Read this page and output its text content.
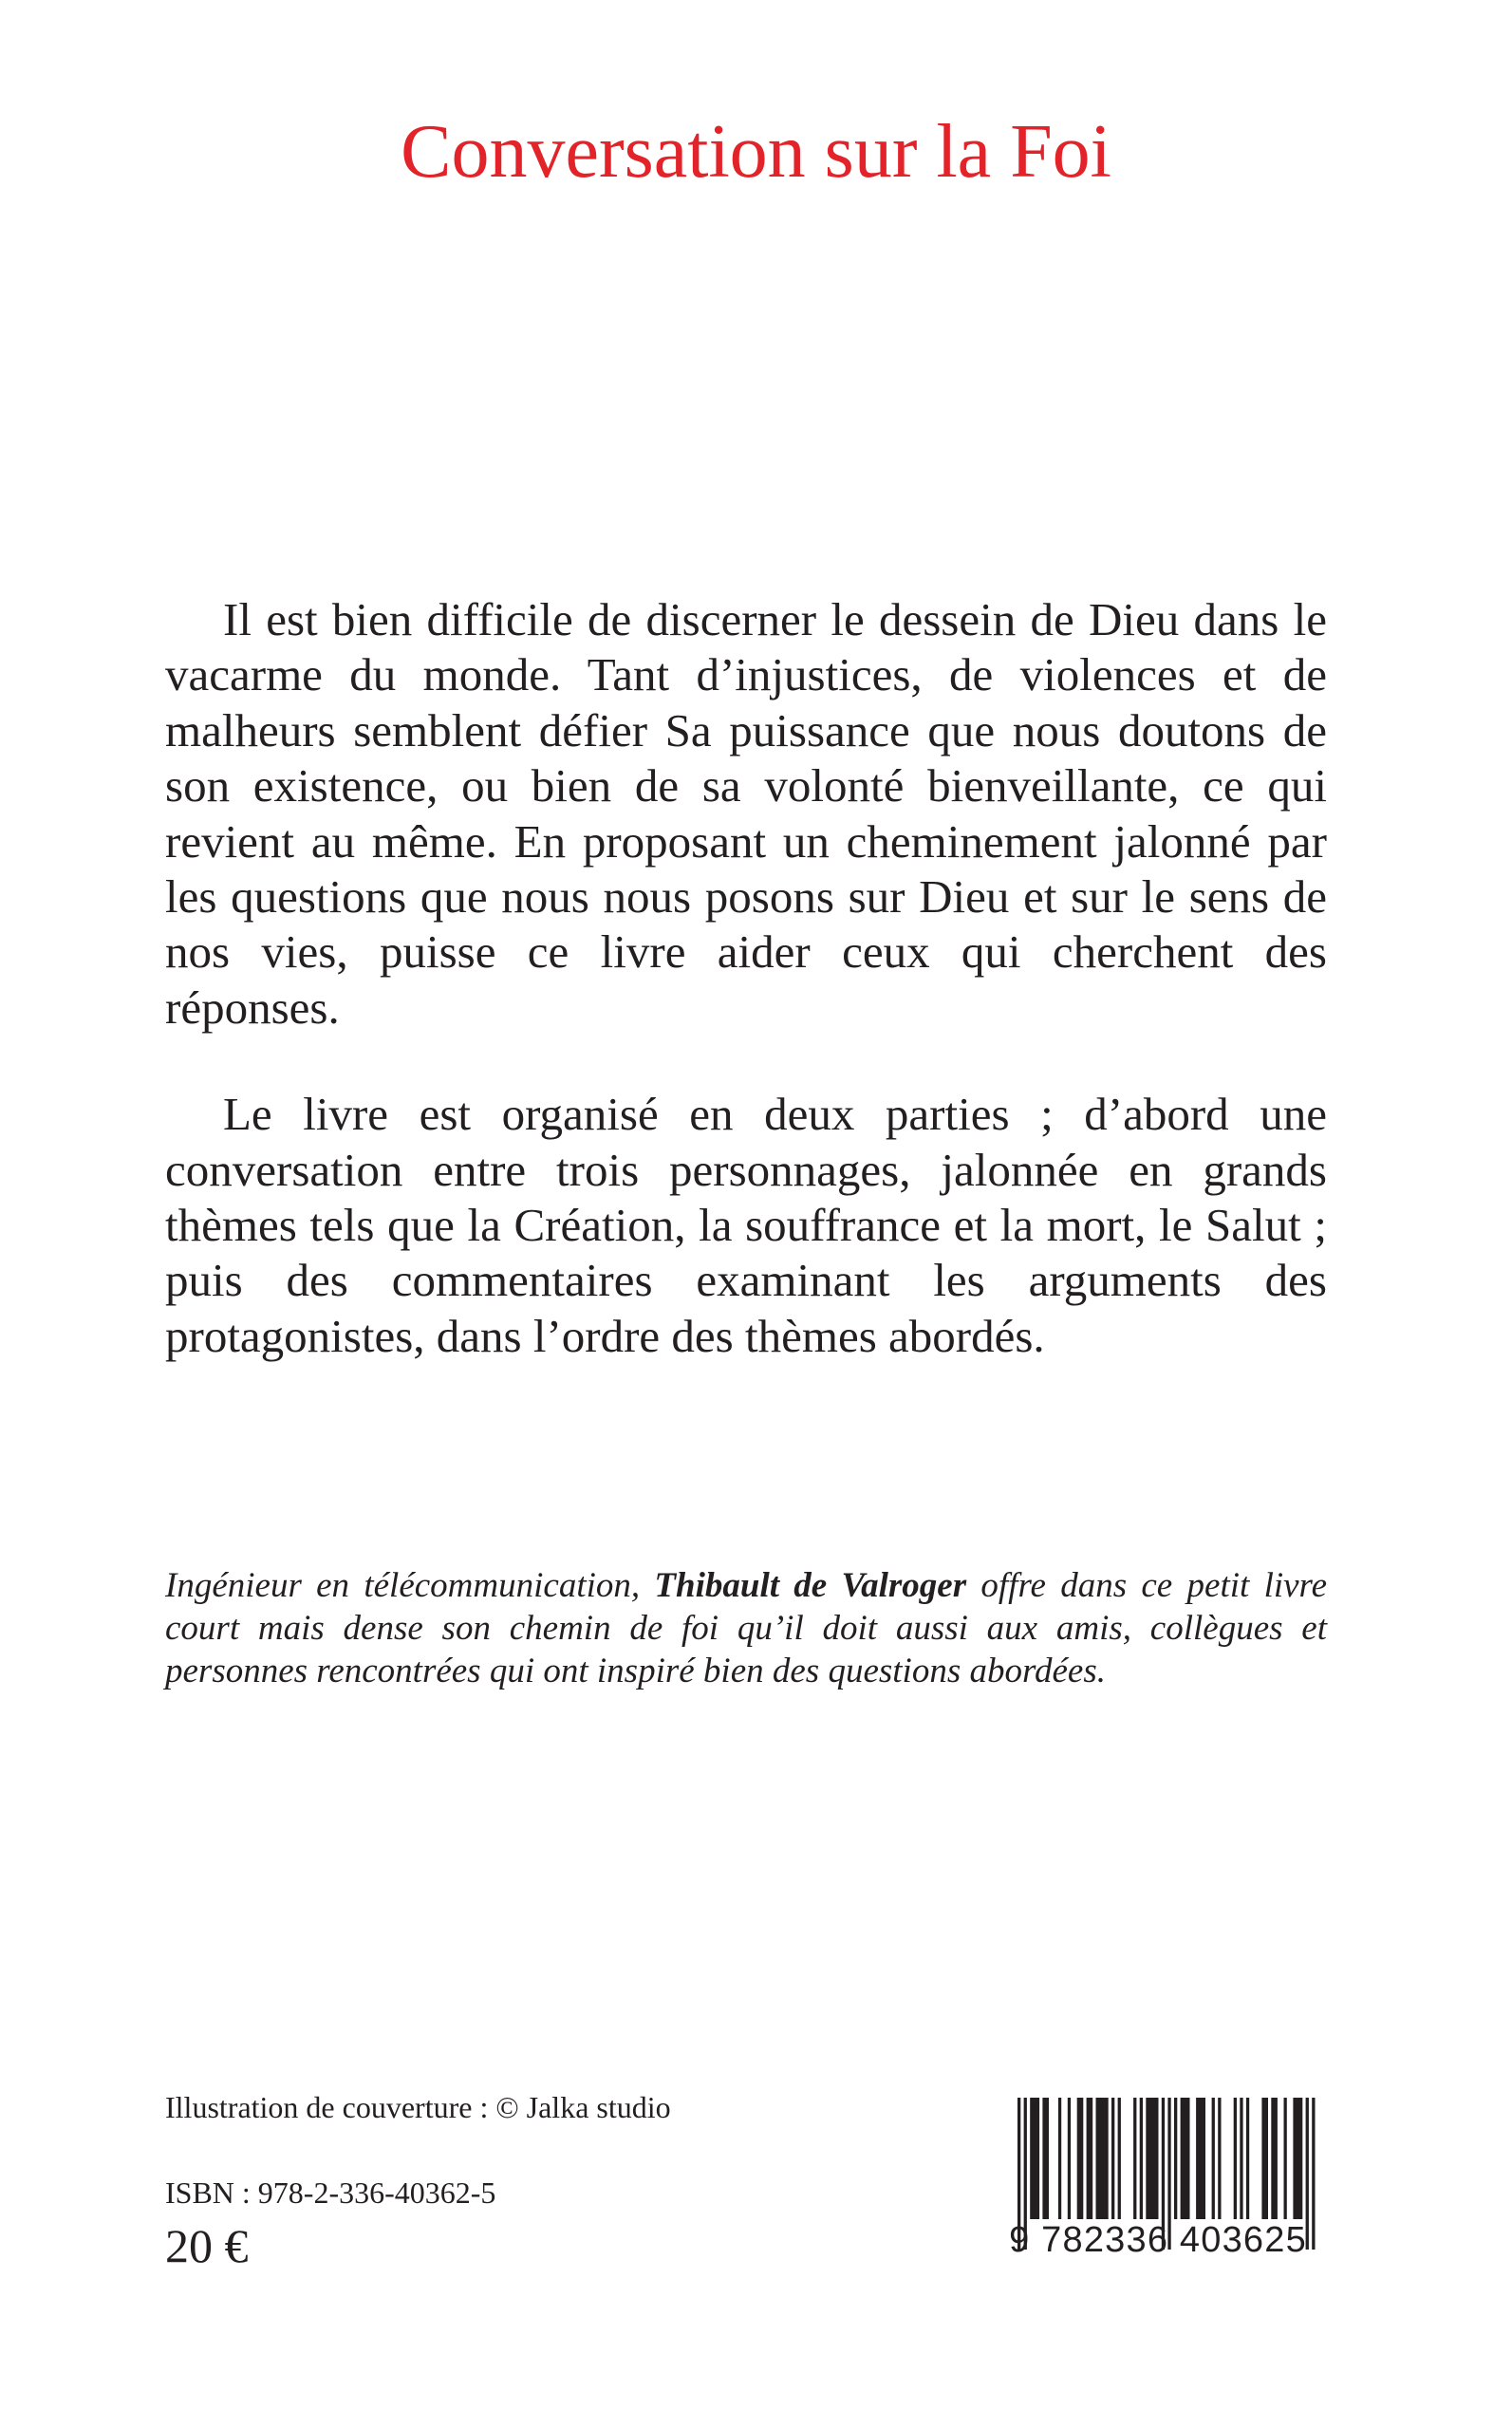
Conversation sur la Foi

Il est bien difficile de discerner le dessein de Dieu dans le vacarme du monde. Tant d’injustices, de violences et de malheurs semblent défier Sa puissance que nous doutons de son existence, ou bien de sa volonté bienveillante, ce qui revient au même. En proposant un cheminement jalonné par les questions que nous nous posons sur Dieu et sur le sens de nos vies, puisse ce livre aider ceux qui cherchent des réponses.

Le livre est organisé en deux parties ; d’abord une conversation entre trois personnages, jalonnée en grands thèmes tels que la Création, la souffrance et la mort, le Salut ; puis des commentaires examinant les arguments des protagonistes, dans l’ordre des thèmes abordés.

Ingénieur en télécommunication, Thibault de Valroger offre dans ce petit livre court mais dense son chemin de foi qu’il doit aussi aux amis, collègues et personnes rencontrées qui ont inspiré bien des questions abordées.

Illustration de couverture : © Jalka studio
ISBN : 978-2-336-40362-5
20 €	9 782336 403625
